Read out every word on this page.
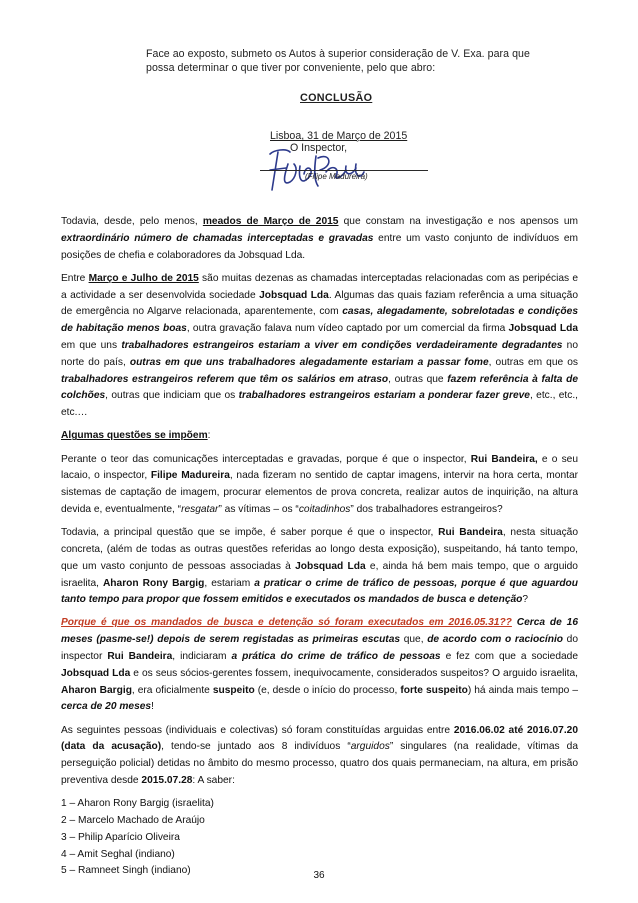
Face ao exposto, submeto os Autos à superior consideração de V. Exa. para que
possa determinar o que tiver por conveniente, pelo que abro:
CONCLUSÃO
Lisboa, 31 de Março de 2015
O Inspector,
(Filipe Madureira)

Todavia, desde, pelo menos, meados de Março de 2015 que constam na investigação e nos apensos um extraordinário número de chamadas interceptadas e gravadas entre um vasto conjunto de indivíduos em posições de chefia e colaboradores da Jobsquad Lda.

Entre Março e Julho de 2015 são muitas dezenas as chamadas interceptadas relacionadas com as peripécias e a actividade a ser desenvolvida sociedade Jobsquad Lda. Algumas das quais faziam referência a uma situação de emergência no Algarve relacionada, aparentemente, com casas, alegadamente, sobrelotadas e condições de habitação menos boas, outra gravação falava num vídeo captado por um comercial da firma Jobsquad Lda em que uns trabalhadores estrangeiros estariam a viver em condições verdadeiramente degradantes no norte do país, outras em que uns trabalhadores alegadamente estariam a passar fome, outras em que os trabalhadores estrangeiros referem que têm os salários em atraso, outras que fazem referência à falta de colchões, outras que indiciam que os trabalhadores estrangeiros estariam a ponderar fazer greve, etc., etc., etc.…

Algumas questões se impõem:

Perante o teor das comunicações interceptadas e gravadas, porque é que o inspector, Rui Bandeira, e o seu lacaio, o inspector, Filipe Madureira, nada fizeram no sentido de captar imagens, intervir na hora certa, montar sistemas de captação de imagem, procurar elementos de prova concreta, realizar autos de inquirição, na altura devida e, eventualmente, “resgatar” as vítimas – os “coitadinhos” dos trabalhadores estrangeiros?

Todavia, a principal questão que se impõe, é saber porque é que o inspector, Rui Bandeira, nesta situação concreta, (além de todas as outras questões referidas ao longo desta exposição), suspeitando, há tanto tempo, que um vasto conjunto de pessoas associadas à Jobsquad Lda e, ainda há bem mais tempo, que o arguido israelita, Aharon Rony Bargig, estariam a praticar o crime de tráfico de pessoas, porque é que aguardou tanto tempo para propor que fossem emitidos e executados os mandados de busca e detenção?

Porque é que os mandados de busca e detenção só foram executados em 2016.05.31?? Cerca de 16 meses (pasme-se!) depois de serem registadas as primeiras escutas que, de acordo com o raciocínio do inspector Rui Bandeira, indiciaram a prática do crime de tráfico de pessoas e fez com que a sociedade Jobsquad Lda e os seus sócios-gerentes fossem, inequivocamente, considerados suspeitos? O arguido israelita, Aharon Bargig, era oficialmente suspeito (e, desde o início do processo, forte suspeito) há ainda mais tempo – cerca de 20 meses!

As seguintes pessoas (individuais e colectivas) só foram constituídas arguidas entre 2016.06.02 até 2016.07.20 (data da acusação), tendo-se juntado aos 8 indivíduos “arguidos” singulares (na realidade, vítimas da perseguição policial) detidas no âmbito do mesmo processo, quatro dos quais permaneciam, na altura, em prisão preventiva desde 2015.07.28: A saber:

1 – Aharon Rony Bargig (israelita)
2 – Marcelo Machado de Araújo
3 – Philip Aparício Oliveira
4 – Amit Seghal (indiano)
5 – Ramneet Singh (indiano)	36
